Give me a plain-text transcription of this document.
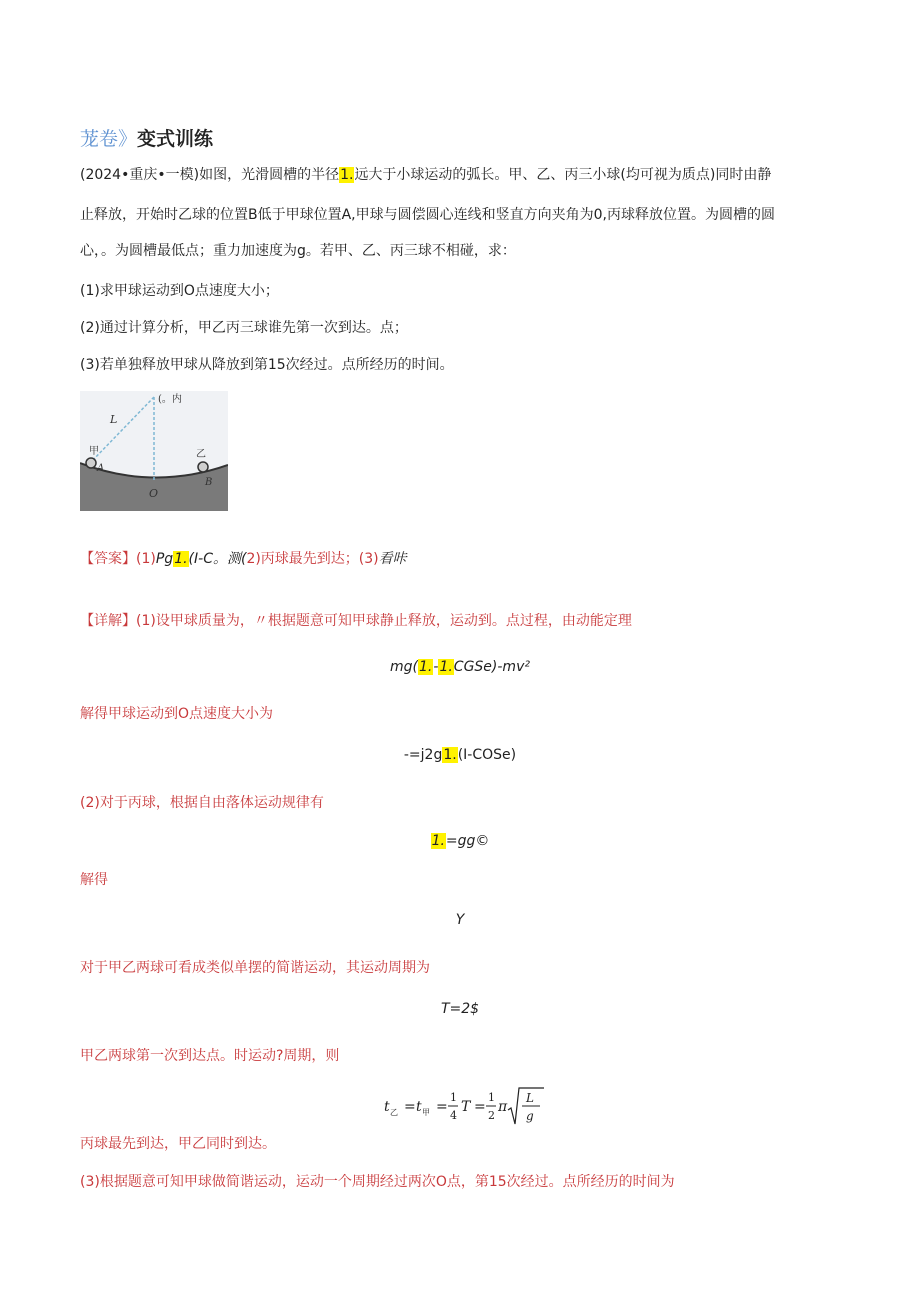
茏卷》变式训练
(2024•重庆•一模)如图，光滑圆槽的半径1.远大于小球运动的弧长。甲、乙、丙三小球(均可视为质点)同时由静
止释放，开始时乙球的位置B低于甲球位置A,甲球与圆偿圆心连线和竖直方向夹角为0,丙球释放位置。为圆槽的圆
心，。为圆槽最低点；重力加速度为g。若甲、乙、丙三球不相碰，求：
(1)求甲球运动到O点速度大小；
(2)通过计算分析，甲乙丙三球谁先第一次到达。点；
(3)若单独释放甲球从降放到第15次经过。点所经历的时间。
(。内
L
甲
A
乙
B
O
【答案】(1)Pg1.(I-C。测(2)丙球最先到达；(3)看咔
【详解】(1)设甲球质量为，〃根据题意可知甲球静止释放，运动到。点过程，由动能定理
mg(1.-1.CGSe)-mv²
解得甲球运动到O点速度大小为
-=j2g1.(I-COSe)
(2)对于丙球，根据自由落体运动规律有
1.=gg©
解得
Y
对于甲乙两球可看成类似单摆的简谐运动，其运动周期为
T=2$
甲乙两球第一次到达点。时运动?周期，则
t 乙 = t 甲 =
1
4
T =
1
2
π
L
g
丙球最先到达，甲乙同时到达。
(3)根据题意可知甲球做简谐运动，运动一个周期经过两次O点，第15次经过。点所经历的时间为
